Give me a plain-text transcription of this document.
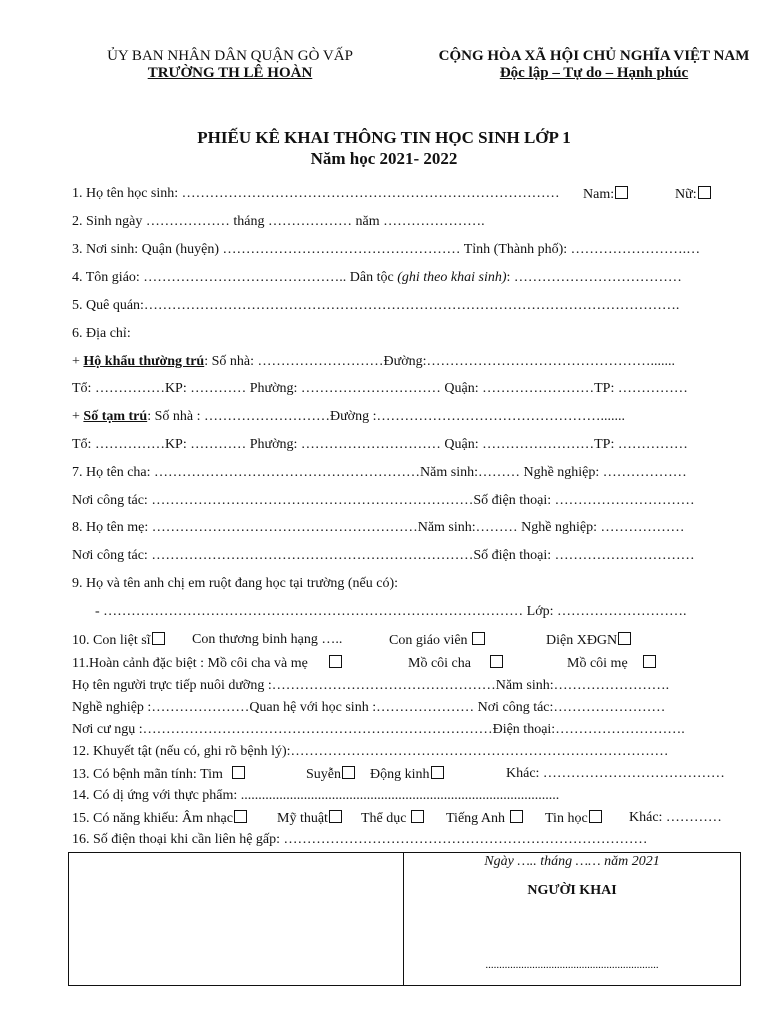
ỦY BAN NHÂN DÂN QUẬN GÒ VẤP
TRƯỜNG TH LÊ HOÀN
CỘNG HÒA XÃ HỘI CHỦ NGHĨA VIỆT NAM
Độc lập – Tự do – Hạnh phúc
PHIẾU KÊ KHAI THÔNG TIN HỌC SINH LỚP 1
Năm học 2021- 2022
1. Họ tên học sinh: ……………………………………………………………………… Nam:	Nữ:
2. Sinh ngày ……………… tháng ……………… năm ………………….
3. Nơi sinh: Quận (huyện) …………………………………………… Tỉnh (Thành phố): …………………….…
4. Tôn giáo: …………………………………….. Dân tộc (ghi theo khai sinh): ………………………………
5. Quê quán:…………………………………………………………………………………………………….
6. Địa chỉ:
+ Hộ khẩu thường trú: Số nhà: ………………………Đường:………………………………………….......
Tổ: ……………KP: ………… Phường: ………………………… Quận: ……………………TP: ……………
+ Số tạm trú: Số nhà : ………………………Đường :………………………………………….......
Tổ: ……………KP: ………… Phường: ………………………… Quận: ……………………TP: ……………
7. Họ tên cha: …………………………………………………Năm sinh:……… Nghề nghiệp: ………………
Nơi công tác: ……………………………………………………………Số điện thoại: …………………………
8. Họ tên mẹ: …………………………………………………Năm sinh:……… Nghề nghiệp: ………………
Nơi công tác: ……………………………………………………………Số điện thoại: …………………………
9. Họ và tên anh chị em ruột đang học tại trường (nếu có):
- ……………………………………………………………………………… Lớp: ……………………….
10. Con liệt sĩ	Con thương binh hạng …..	Con giáo viên	Diện XĐGN
11.Hoàn cảnh đặc biệt : Mồ côi cha và mẹ	Mồ côi cha	Mồ côi mẹ
Họ tên người trực tiếp nuôi dưỡng :…………………………………………Năm sinh:…………………….
Nghề nghiệp :…………………Quan hệ với học sinh :………………… Nơi công tác:……………………
Nơi cư ngụ :…………………………………………………………………Điện thoại:……………………….
12. Khuyết tật (nếu có, ghi rõ bệnh lý):………………………………………………………………………
13. Có bệnh mãn tính: Tim	Suyễn	Động kinh	Khác: …………………………………
14. Có dị ứng với thực phẩm: ...........................................................................................
15. Có năng khiếu: Âm nhạc	Mỹ thuật	Thể dục	Tiếng Anh	Tin học	Khác: …………
16. Số điện thoại khi cần liên hệ gấp: ……………………………………………………………………
Ngày ….. tháng …… năm 2021
NGƯỜI KHAI
...............................................................
